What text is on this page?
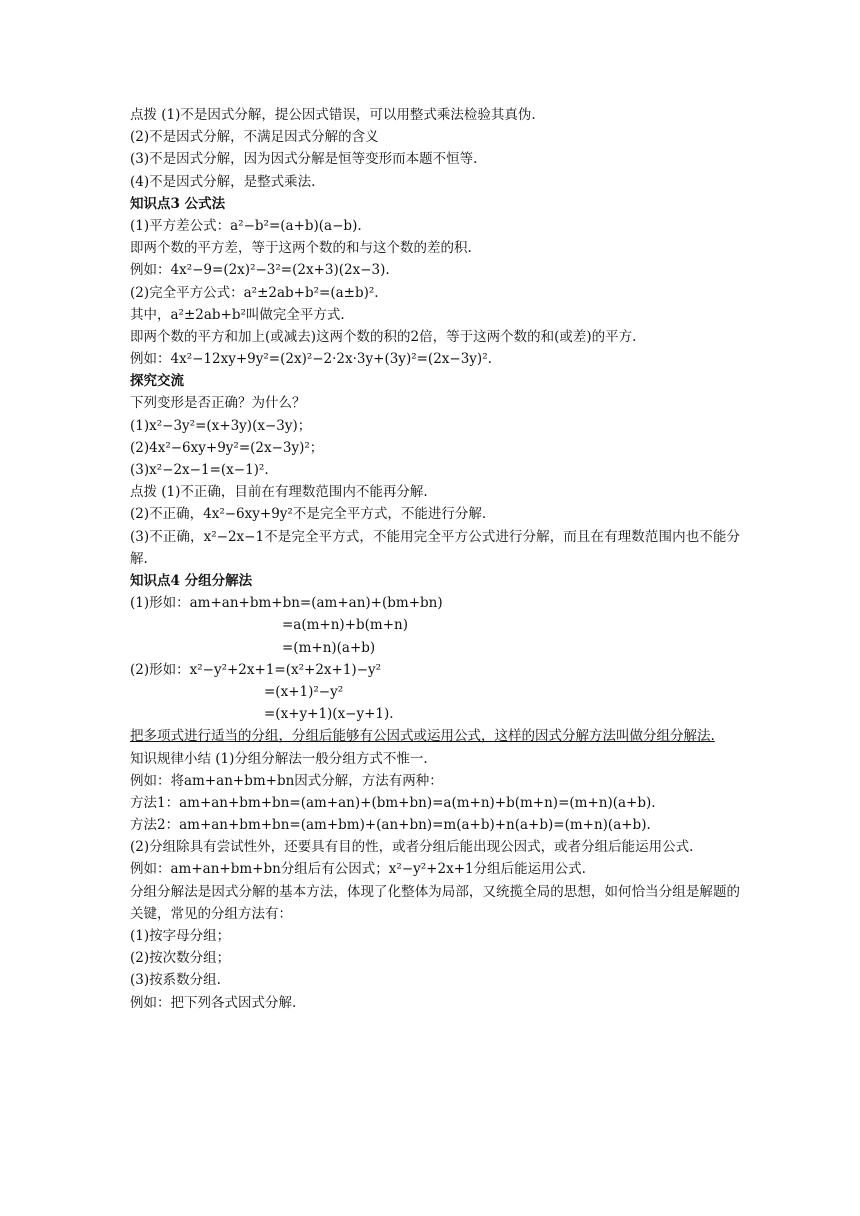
点拨 (1)不是因式分解，提公因式错误，可以用整式乘法检验其真伪.
(2)不是因式分解，不满足因式分解的含义
(3)不是因式分解，因为因式分解是恒等变形而本题不恒等.
(4)不是因式分解，是整式乘法.
知识点3 公式法
(1)平方差公式：a²−b²=(a+b)(a−b).
即两个数的平方差，等于这两个数的和与这个数的差的积.
例如：4x²−9=(2x)²−3²=(2x+3)(2x−3).
(2)完全平方公式：a²±2ab+b²=(a±b)².
其中，a²±2ab+b²叫做完全平方式.
即两个数的平方和加上(或减去)这两个数的积的2倍，等于这两个数的和(或差)的平方.
例如：4x²−12xy+9y²=(2x)²−2·2x·3y+(3y)²=(2x−3y)².
探究交流
下列变形是否正确？为什么？
(1)x²−3y²=(x+3y)(x−3y)；
(2)4x²−6xy+9y²=(2x−3y)²；
(3)x²−2x−1=(x−1)².
点拨 (1)不正确，目前在有理数范围内不能再分解.
(2)不正确，4x²−6xy+9y²不是完全平方式，不能进行分解.
(3)不正确，x²−2x−1不是完全平方式，不能用完全平方公式进行分解，而且在有理数范围内也不能分解.
知识点4 分组分解法
(1)形如：am+an+bm+bn=(am+an)+(bm+bn)
=a(m+n)+b(m+n)
=(m+n)(a+b)
(2)形如：x²−y²+2x+1=(x²+2x+1)−y²
=(x+1)²−y²
=(x+y+1)(x−y+1).
把多项式进行适当的分组，分组后能够有公因式或运用公式，这样的因式分解方法叫做分组分解法.
知识规律小结 (1)分组分解法一般分组方式不惟一.
例如：将am+an+bm+bn因式分解，方法有两种：
方法1：am+an+bm+bn=(am+an)+(bm+bn)=a(m+n)+b(m+n)=(m+n)(a+b).
方法2：am+an+bm+bn=(am+bm)+(an+bn)=m(a+b)+n(a+b)=(m+n)(a+b).
(2)分组除具有尝试性外，还要具有目的性，或者分组后能出现公因式，或者分组后能运用公式.
例如：am+an+bm+bn分组后有公因式；x²−y²+2x+1分组后能运用公式.
分组分解法是因式分解的基本方法，体现了化整体为局部，又统揽全局的思想，如何恰当分组是解题的关键，常见的分组方法有：
(1)按字母分组；
(2)按次数分组；
(3)按系数分组.
例如：把下列各式因式分解.
